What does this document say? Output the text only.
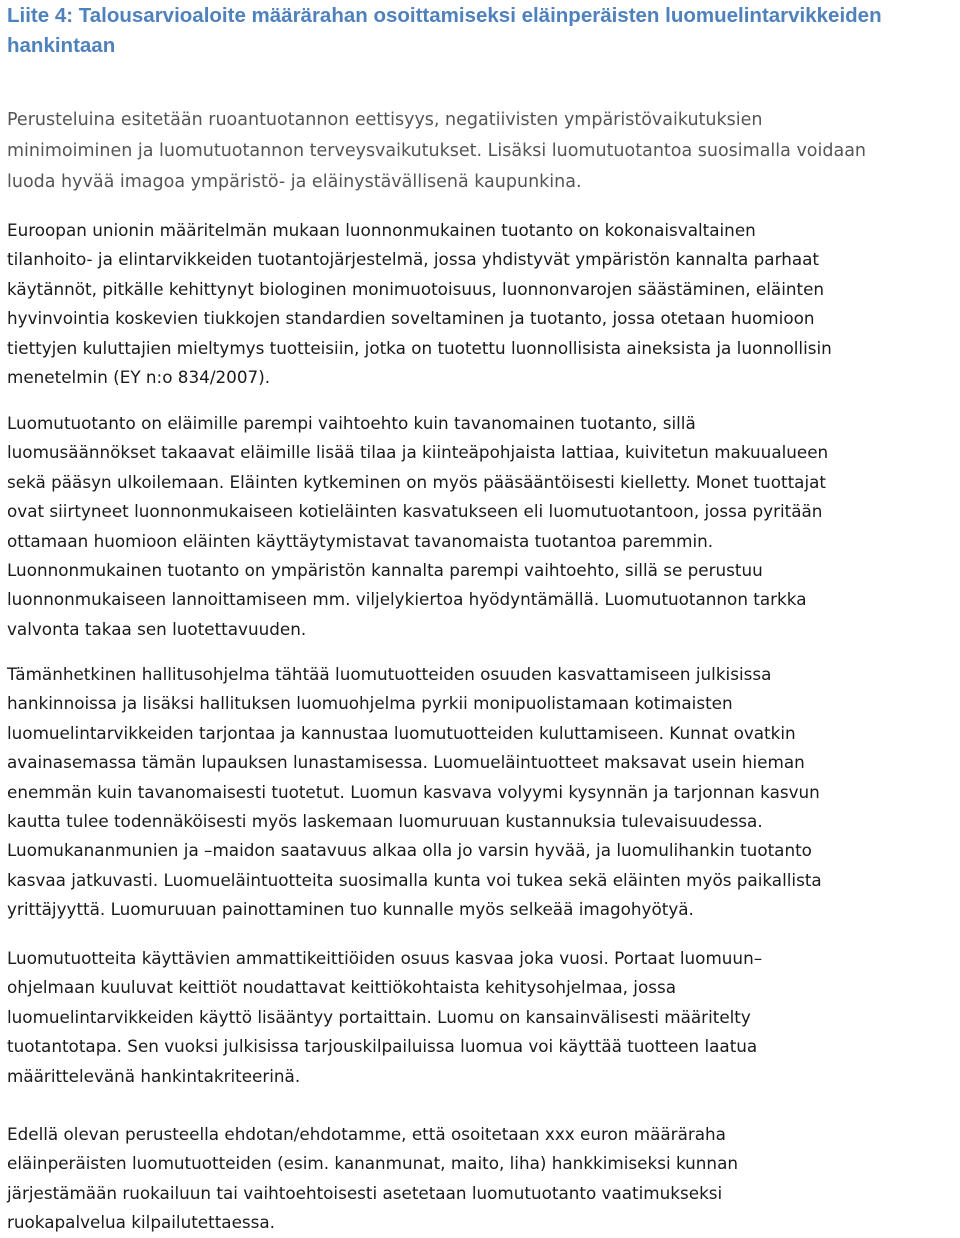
Liite 4: Talousarvioaloite määrärahan osoittamiseksi eläinperäisten luomuelintarvikkeiden hankintaan

Perusteluina esitetään ruoantuotannon eettisyys, negatiivisten ympäristövaikutuksien
minimoiminen ja luomutuotannon terveysvaikutukset. Lisäksi luomutuotantoa suosimalla voidaan
luoda hyvää imagoa ympäristö- ja eläinystävällisenä kaupunkina.

Euroopan unionin määritelmän mukaan luonnonmukainen tuotanto on kokonaisvaltainen
tilanhoito- ja elintarvikkeiden tuotantojärjestelmä, jossa yhdistyvät ympäristön kannalta parhaat
käytännöt, pitkälle kehittynyt biologinen monimuotoisuus, luonnonvarojen säästäminen, eläinten
hyvinvointia koskevien tiukkojen standardien soveltaminen ja tuotanto, jossa otetaan huomioon
tiettyjen kuluttajien mieltymys tuotteisiin, jotka on tuotettu luonnollisista aineksista ja luonnollisin
menetelmin (EY n:o 834/2007).

Luomutuotanto on eläimille parempi vaihtoehto kuin tavanomainen tuotanto, sillä
luomusäännökset takaavat eläimille lisää tilaa ja kiinteäpohjaista lattiaa, kuivitetun makuualueen
sekä pääsyn ulkoilemaan. Eläinten kytkeminen on myös pääsääntöisesti kielletty. Monet tuottajat
ovat siirtyneet luonnonmukaiseen kotieläinten kasvatukseen eli luomutuotantoon, jossa pyritään
ottamaan huomioon eläinten käyttäytymistavat tavanomaista tuotantoa paremmin.
Luonnonmukainen tuotanto on ympäristön kannalta parempi vaihtoehto, sillä se perustuu
luonnonmukaiseen lannoittamiseen mm. viljelykiertoa hyödyntämällä. Luomutuotannon tarkka
valvonta takaa sen luotettavuuden.

Tämänhetkinen hallitusohjelma tähtää luomutuotteiden osuuden kasvattamiseen julkisissa
hankinnoissa ja lisäksi hallituksen luomuohjelma pyrkii monipuolistamaan kotimaisten
luomuelintarvikkeiden tarjontaa ja kannustaa luomutuotteiden kuluttamiseen. Kunnat ovatkin
avainasemassa tämän lupauksen lunastamisessa. Luomueläintuotteet maksavat usein hieman
enemmän kuin tavanomaisesti tuotetut. Luomun kasvava volyymi kysynnän ja tarjonnan kasvun
kautta tulee todennäköisesti myös laskemaan luomuruuan kustannuksia tulevaisuudessa.
Luomukananmunien ja –maidon saatavuus alkaa olla jo varsin hyvää, ja luomulihankin tuotanto
kasvaa jatkuvasti. Luomueläintuotteita suosimalla kunta voi tukea sekä eläinten myös paikallista
yrittäjyyttä. Luomuruuan painottaminen tuo kunnalle myös selkeää imagohyötyä.

Luomutuotteita käyttävien ammattikeittiöiden osuus kasvaa joka vuosi. Portaat luomuun–
ohjelmaan kuuluvat keittiöt noudattavat keittiökohtaista kehitysohjelmaa, jossa
luomuelintarvikkeiden käyttö lisääntyy portaittain. Luomu on kansainvälisesti määritelty
tuotantotapa. Sen vuoksi julkisissa tarjouskilpailuissa luomua voi käyttää tuotteen laatua
määrittelevänä hankintakriteerinä.

Edellä olevan perusteella ehdotan/ehdotamme, että osoitetaan xxx euron määräraha
eläinperäisten luomutuotteiden (esim. kananmunat, maito, liha) hankkimiseksi kunnan
järjestämään ruokailuun tai vaihtoehtoisesti asetetaan luomutuotanto vaatimukseksi
ruokapalvelua kilpailutettaessa.
